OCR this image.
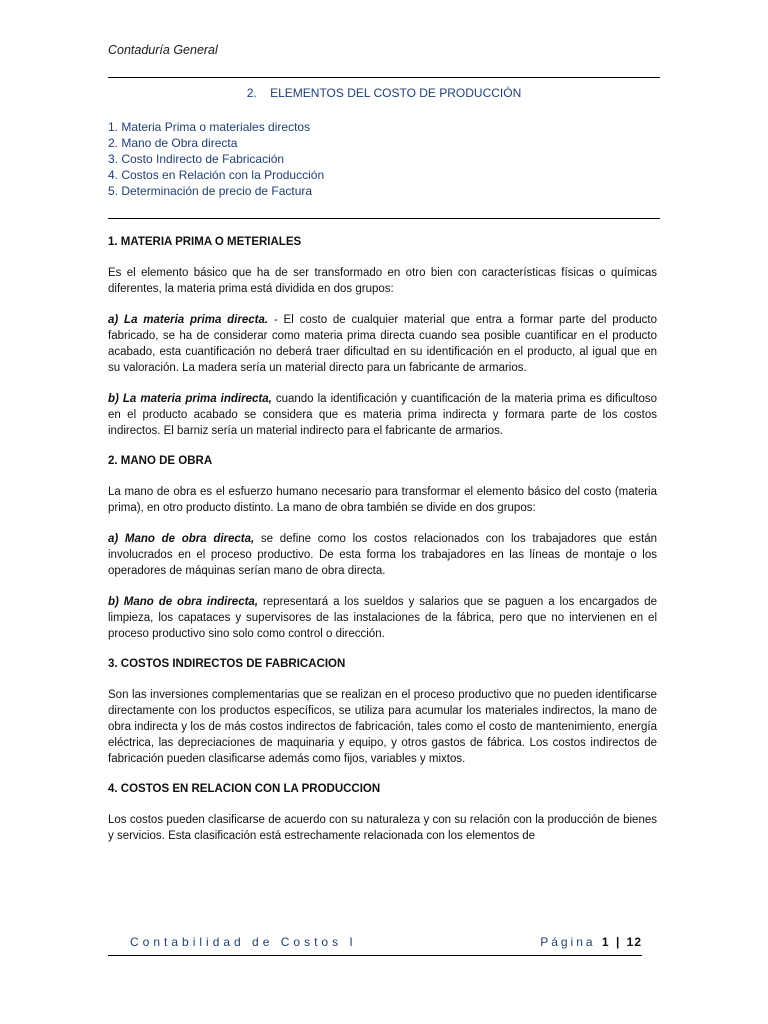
Contaduría General
2.    ELEMENTOS DEL COSTO DE PRODUCCIÓN
1. Materia Prima o materiales directos
2. Mano de Obra directa
3. Costo Indirecto de Fabricación
4. Costos en Relación con la Producción
5. Determinación de precio de Factura

1. MATERIA PRIMA O METERIALES

Es el elemento básico que ha de ser transformado en otro bien con características físicas o químicas diferentes, la materia prima está dividida en dos grupos:

a) La materia prima directa. - El costo de cualquier material que entra a formar parte del producto fabricado, se ha de considerar como materia prima directa cuando sea posible cuantificar en el producto acabado, esta cuantificación no deberá traer dificultad en su identificación en el producto, al igual que en su valoración. La madera sería un material directo para un fabricante de armarios.

b) La materia prima indirecta, cuando la identificación y cuantificación de la materia prima es dificultoso en el producto acabado se considera que es materia prima indirecta y formara parte de los costos indirectos. El barniz sería un material indirecto para el fabricante de armarios.

2. MANO DE OBRA

La mano de obra es el esfuerzo humano necesario para transformar el elemento básico del costo (materia prima), en otro producto distinto. La mano de obra también se divide en dos grupos:

a) Mano de obra directa, se define como los costos relacionados con los trabajadores que están involucrados en el proceso productivo. De esta forma los trabajadores en las líneas de montaje o los operadores de máquinas serían mano de obra directa.

b) Mano de obra indirecta, representará a los sueldos y salarios que se paguen a los encargados de limpieza, los capataces y supervisores de las instalaciones de la fábrica, pero que no intervienen en el proceso productivo sino solo como control o dirección.

3. COSTOS INDIRECTOS DE FABRICACION

Son las inversiones complementarias que se realizan en el proceso productivo que no pueden identificarse directamente con los productos específicos, se utiliza para acumular los materiales indirectos, la mano de obra indirecta y los de más costos indirectos de fabricación, tales como el costo de mantenimiento, energía eléctrica, las depreciaciones de maquinaria y equipo, y otros gastos de fábrica. Los costos indirectos de fabricación pueden clasificarse además como fijos, variables y mixtos.

4. COSTOS EN RELACION CON LA PRODUCCION

Los costos pueden clasificarse de acuerdo con su naturaleza y con su relación con la producción de bienes y servicios. Esta clasificación está estrechamente relacionada con los elementos de

Contabilidad de Costos I	Página 1 | 12
